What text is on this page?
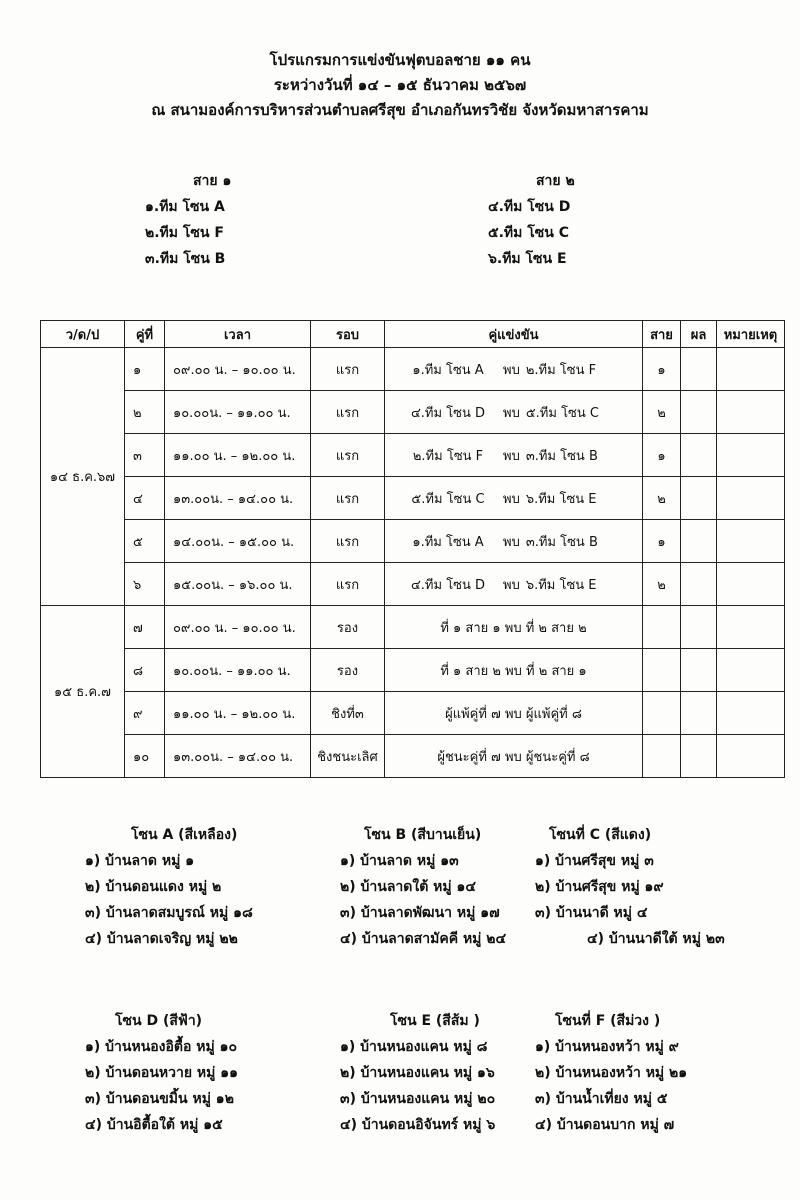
โปรแกรมการแข่งขันฟุตบอลชาย ๑๑ คน
ระหว่างวันที่ ๑๔ – ๑๕ ธันวาคม ๒๕๖๗
ณ สนามองค์การบริหารส่วนตำบลศรีสุข อำเภอกันทรวิชัย จังหวัดมหาสารคาม
สาย ๑
๑.ทีม โซน A
๒.ทีม โซน F
๓.ทีม โซน B
สาย ๒
๔.ทีม โซน D
๕.ทีม โซน C
๖.ทีม โซน E
ว/ด/ป	คู่ที่	เวลา	รอบ	คู่แข่งขัน	สาย	ผล	หมายเหตุ
๑๔ ธ.ค.๖๗	๑	๐๙.๐๐ น. – ๑๐.๐๐ น.	แรก	๑.ทีม โซน A พบ ๒.ทีม โซน F	๑		
	๒	๑๐.๐๐น. – ๑๑.๐๐ น.	แรก	๔.ทีม โซน D พบ ๕.ทีม โซน C	๒		
	๓	๑๑.๐๐ น. – ๑๒.๐๐ น.	แรก	๒.ทีม โซน F พบ ๓.ทีม โซน B	๑		
	๔	๑๓.๐๐น. – ๑๔.๐๐ น.	แรก	๕.ทีม โซน C พบ ๖.ทีม โซน E	๒		
	๕	๑๔.๐๐น. – ๑๕.๐๐ น.	แรก	๑.ทีม โซน A พบ ๓.ทีม โซน B	๑		
	๖	๑๕.๐๐น. – ๑๖.๐๐ น.	แรก	๔.ทีม โซน D พบ ๖.ทีม โซน E	๒		
๑๕ ธ.ค.๗	๗	๐๙.๐๐ น. – ๑๐.๐๐ น.	รอง	ที่ ๑ สาย ๑ พบ ที่ ๒ สาย ๒			
	๘	๑๐.๐๐น. – ๑๑.๐๐ น.	รอง	ที่ ๑ สาย ๒ พบ ที่ ๒ สาย ๑			
	๙	๑๑.๐๐ น. – ๑๒.๐๐ น.	ชิงที่๓	ผู้แพ้คู่ที่ ๗ พบ ผู้แพ้คู่ที่ ๘			
	๑๐	๑๓.๐๐น. – ๑๔.๐๐ น.	ชิงชนะเลิศ	ผู้ชนะคู่ที่ ๗ พบ ผู้ชนะคู่ที่ ๘			
โซน A (สีเหลือง)
๑) บ้านลาด หมู่ ๑
๒) บ้านดอนแดง หมู่ ๒
๓) บ้านลาดสมบูรณ์ หมู่ ๑๘
๔) บ้านลาดเจริญ หมู่ ๒๒
โซน B (สีบานเย็น)
๑) บ้านลาด หมู่ ๑๓
๒) บ้านลาดใต้ หมู่ ๑๔
๓) บ้านลาดพัฒนา หมู่ ๑๗
๔) บ้านลาดสามัคคี หมู่ ๒๔
โซนที่ C (สีแดง)
๑) บ้านศรีสุข หมู่ ๓
๒) บ้านศรีสุข หมู่ ๑๙
๓) บ้านนาดี หมู่ ๔
๔) บ้านนาดีใต้ หมู่ ๒๓
โซน D (สีฟ้า)
๑) บ้านหนองอิตื้อ หมู่ ๑๐
๒) บ้านดอนหวาย หมู่ ๑๑
๓) บ้านดอนขมิ้น หมู่ ๑๒
๔) บ้านอิตื้อใต้ หมู่ ๑๕
โซน E (สีส้ม )
๑) บ้านหนองแคน หมู่ ๘
๒) บ้านหนองแคน หมู่ ๑๖
๓) บ้านหนองแคน หมู่ ๒๐
๔) บ้านดอนอิจันทร์ หมู่ ๖
โซนที่ F (สีม่วง )
๑) บ้านหนองหว้า หมู่ ๙
๒) บ้านหนองหว้า หมู่ ๒๑
๓) บ้านน้ำเที่ยง หมู่ ๕
๔) บ้านดอนบาก หมู่ ๗
